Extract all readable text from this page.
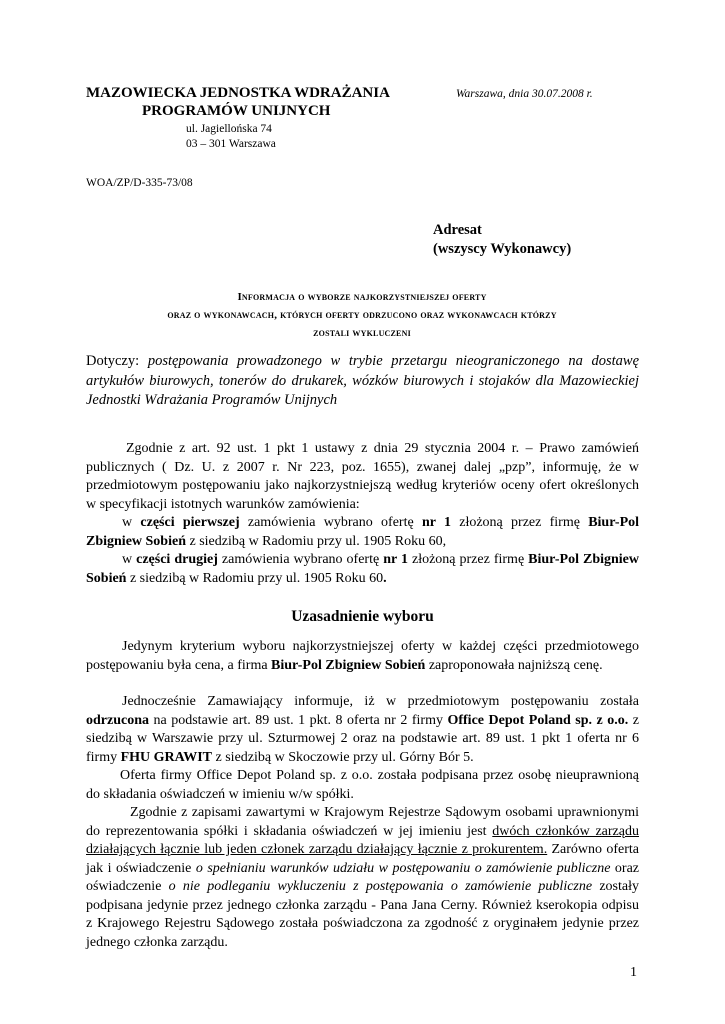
MAZOWIECKA JEDNOSTKA WDRAŻANIA
PROGRAMÓW UNIJNYCH
ul. Jagiellońska 74
03 – 301 Warszawa
Warszawa, dnia 30.07.2008 r.
WOA/ZP/D-335-73/08
Adresat
(wszyscy Wykonawcy)
Informacja o wyborze najkorzystniejszej oferty
oraz o wykonawcach, których oferty odrzucono oraz wykonawcach którzy
zostali wykluczeni
Dotyczy: postępowania prowadzonego w trybie przetargu nieograniczonego na dostawę artykułów biurowych, tonerów do drukarek, wózków biurowych i stojaków dla Mazowieckiej Jednostki Wdrażania Programów Unijnych

Zgodnie z art. 92 ust. 1 pkt 1 ustawy z dnia 29 stycznia 2004 r. – Prawo zamówień publicznych ( Dz. U. z 2007 r. Nr 223, poz. 1655), zwanej dalej „pzp”, informuję, że w przedmiotowym postępowaniu jako najkorzystniejszą według kryteriów oceny ofert określonych w specyfikacji istotnych warunków zamówienia:

w części pierwszej zamówienia wybrano ofertę nr 1 złożoną przez firmę Biur-Pol Zbigniew Sobień z siedzibą w Radomiu przy ul. 1905 Roku 60,

w części drugiej zamówienia wybrano ofertę nr 1 złożoną przez firmę Biur-Pol Zbigniew Sobień z siedzibą w Radomiu przy ul. 1905 Roku 60.

Uzasadnienie wyboru

Jedynym kryterium wyboru najkorzystniejszej oferty w każdej części przedmiotowego postępowaniu była cena, a firma Biur-Pol Zbigniew Sobień zaproponowała najniższą cenę.

Jednocześnie Zamawiający informuje, iż w przedmiotowym postępowaniu została odrzucona na podstawie art. 89 ust. 1 pkt. 8 oferta nr 2 firmy Office Depot Poland sp. z o.o. z siedzibą w Warszawie przy ul. Szturmowej 2 oraz na podstawie art. 89 ust. 1 pkt 1 oferta nr 6 firmy FHU GRAWIT z siedzibą w Skoczowie przy ul. Górny Bór 5.

Oferta firmy Office Depot Poland sp. z o.o. została podpisana przez osobę nieuprawnioną do składania oświadczeń w imieniu w/w spółki.

Zgodnie z zapisami zawartymi w Krajowym Rejestrze Sądowym osobami uprawnionymi do reprezentowania spółki i składania oświadczeń w jej imieniu jest dwóch członków zarządu działających łącznie lub jeden członek zarządu działający łącznie z prokurentem. Zarówno oferta jak i oświadczenie o spełnianiu warunków udziału w postępowaniu o zamówienie publiczne oraz oświadczenie o nie podleganiu wykluczeniu z postępowania o zamówienie publiczne zostały podpisana jedynie przez jednego członka zarządu - Pana Jana Cerny. Również kserokopia odpisu z Krajowego Rejestru Sądowego została poświadczona za zgodność z oryginałem jedynie przez jednego członka zarządu.

1
